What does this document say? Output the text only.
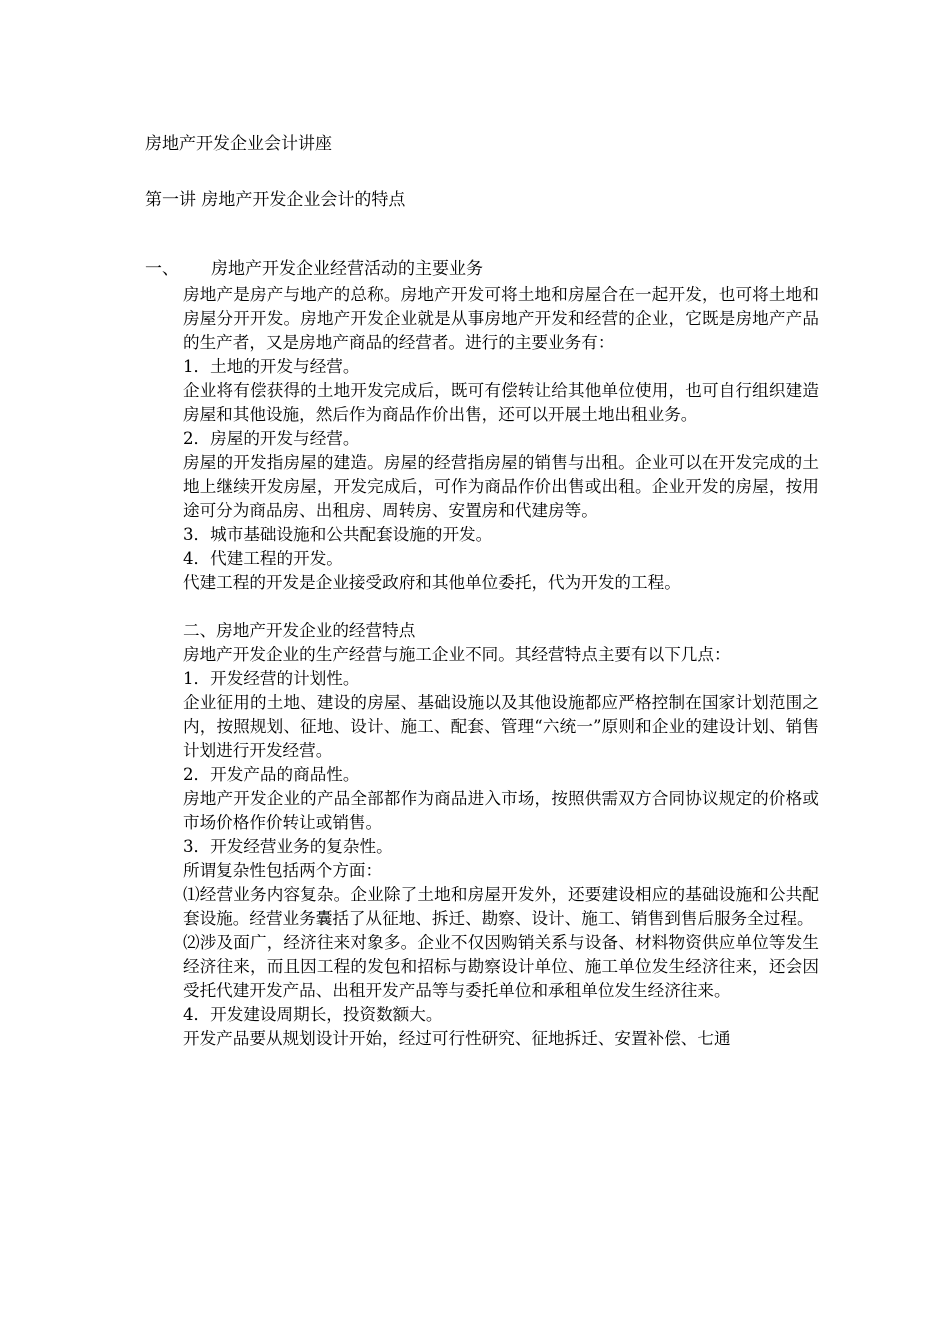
房地产开发企业会计讲座
第一讲 房地产开发企业会计的特点
一、 房地产开发企业经营活动的主要业务

房地产是房产与地产的总称。房地产开发可将土地和房屋合在一起开发，也可将土地和房屋分开开发。房地产开发企业就是从事房地产开发和经营的企业，它既是房地产产品的生产者，又是房地产商品的经营者。进行的主要业务有：

1．土地的开发与经营。

企业将有偿获得的土地开发完成后，既可有偿转让给其他单位使用，也可自行组织建造房屋和其他设施，然后作为商品作价出售，还可以开展土地出租业务。

2．房屋的开发与经营。

房屋的开发指房屋的建造。房屋的经营指房屋的销售与出租。企业可以在开发完成的土地上继续开发房屋，开发完成后，可作为商品作价出售或出租。企业开发的房屋，按用途可分为商品房、出租房、周转房、安置房和代建房等。

3．城市基础设施和公共配套设施的开发。

4．代建工程的开发。

代建工程的开发是企业接受政府和其他单位委托，代为开发的工程。

二、房地产开发企业的经营特点

房地产开发企业的生产经营与施工企业不同。其经营特点主要有以下几点：

1．开发经营的计划性。

企业征用的土地、建设的房屋、基础设施以及其他设施都应严格控制在国家计划范围之内，按照规划、征地、设计、施工、配套、管理“六统一”原则和企业的建设计划、销售计划进行开发经营。

2．开发产品的商品性。

房地产开发企业的产品全部都作为商品进入市场，按照供需双方合同协议规定的价格或市场价格作价转让或销售。

3．开发经营业务的复杂性。

所谓复杂性包括两个方面：

⑴经营业务内容复杂。企业除了土地和房屋开发外，还要建设相应的基础设施和公共配套设施。经营业务囊括了从征地、拆迁、勘察、设计、施工、销售到售后服务全过程。

⑵涉及面广，经济往来对象多。企业不仅因购销关系与设备、材料物资供应单位等发生经济往来，而且因工程的发包和招标与勘察设计单位、施工单位发生经济往来，还会因受托代建开发产品、出租开发产品等与委托单位和承租单位发生经济往来。

4．开发建设周期长，投资数额大。

开发产品要从规划设计开始，经过可行性研究、征地拆迁、安置补偿、七通
